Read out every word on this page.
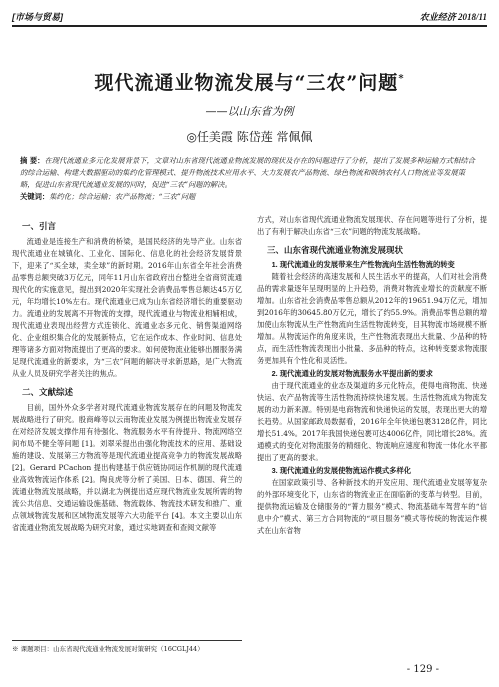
[市场与贸易]	农业经济 2018/11
现代流通业物流发展与“三农”问题*
——以山东省为例
◎任美霞 陈岱莲 常佩佩
摘 要：在现代流通业多元化发展背景下，文章对山东省现代流通业物流发展的现状及存在的问题进行了分析，提出了发展多种运输方式相结合的综合运输、构建大数据驱动的集约化管理模式、提升物流技术应用水平、大力发展农产品物流、绿色物流和吸纳农村人口物流业等发展策略，促进山东省现代流通业发展的同时，促进“三农”问题的解决。
关键词：集约化；综合运输；农产品物流；“三农”问题
一、引言

流通业是连接生产和消费的桥梁，是国民经济的先导产业。山东省现代流通业在城镇化、工业化、国际化、信息化的社会经济发展背景下，迎来了“买全球，卖全球”的新时期。2016年山东省全年社会消费品零售总额突破3万亿元，同年11月山东省政府出台整进全省商贸流通现代化的实施意见，提出到2020年实现社会消费品零售总额达45万亿元，年均增长10%左右。现代流通业已成为山东省经济增长的重要驱动力。流通业的发展离不开物流的支撑，现代流通业与物流业相辅相成，现代流通业表现出经营方式连锁化、流通业态多元化、销售渠道网络化、企业组织集合化的发展新特点，它在运作成本、作业时间、信息处理等诸多方面对物流提出了更高的要求。如何使物流业能够出圈服务满足现代流通业的新要求，为“三农”问题的解决寻求新思路，是广大物流从业人员及研究学者关注的焦点。

二、文献综述

目前，国外外众多学者对现代流通业物流发展存在的问题及物流发展战略进行了研究。殷商峰等以云南物流业发展为例提出物流业发展存在对经济发展支撑作用有待强化、物流服务水平有待提升、物流网络空间布局不健全等问题 [1]。刘翠采提出由强化物流技术的应用、基础设施的建设、发展第三方物流等是现代流通业提高竞争力的物流发展战略 [2]。Gerard PCachon 提出构建基于供应链协同运作机制的现代流通业高效物流运作体系 [2]。陶良虎等分析了美国、日本、德国、荷兰的流通业物流发展战略，并以湖北为例提出适应现代物流业发展所需的物流公共信息、交通运输设施基础、物流载体、物流技术研发和推广、重点领域物流发展和区域物流发展等六大功能平台 [4]。本文主要以山东省流通业物流发展战略为研究对象，通过实地调查和查阅文献等

方式，对山东省现代流通业物流发展现状、存在问题等进行了分析，提出了有利于解决山东省“三农”问题的物流发展战略。

三、山东省现代流通业物流发展现状
1. 现代流通业的发展带来生产性物流向生活性物流的转变

随着社会经济的高速发展和人民生活水平的提高，人们对社会消费品的需求量逐年呈现明显的上升趋势，消费对物流业增长的贡献度不断增加。山东省社会消费品零售总额从2012年的19651.94万亿元，增加到2016年的30645.80万亿元，增长了约55.9%。消费品零售总额的增加使山东物流从生产性物流向生活性物流转变，目其物流市场规模不断增加。从物流运作的角度来说，生产性物流表现出大批量、少品种的特点，而生活性物流表现出小批量、多品种的特点，这种转变要求物流服务更加具有个性化和灵活性。

2. 现代流通业的发展对物流服务水平提出新的要求

由于现代流通业的业态及渠道的多元化特点，使得电商物流、快递快运、农产品物流等生活性物流持续快速发展。生活性物流成为物流发展的动力新来源。特别是电商物流和快递快运的发展，表现出更大的增长趋势。从国家邮政局数据看，2016年全年快递包裹3128亿件，同比增长51.4%。2017年我国快递包裹可达4006亿件，同比增长28%。流通模式的变化对物流服务的精细化、物流响应速度和物流一体化水平都提出了更高的要求。

3. 现代流通业的发展使物流运作模式多样化

在国家政策引导、各种新技术的开发应用、现代流通业发展等复杂的外部环境变化下，山东省的物流业正在面临新的变革与转型。目前，提供物流运输及仓储服务的“菁力服务”模式、物流基础车驾营车的“信息中介”模式、第三方合同物流的“项目服务”模式等传统的物流运作模式在山东省物

※ 课题项目：山东省现代流通业物流发展对策研究（16CGLJ44）
- 129 -
